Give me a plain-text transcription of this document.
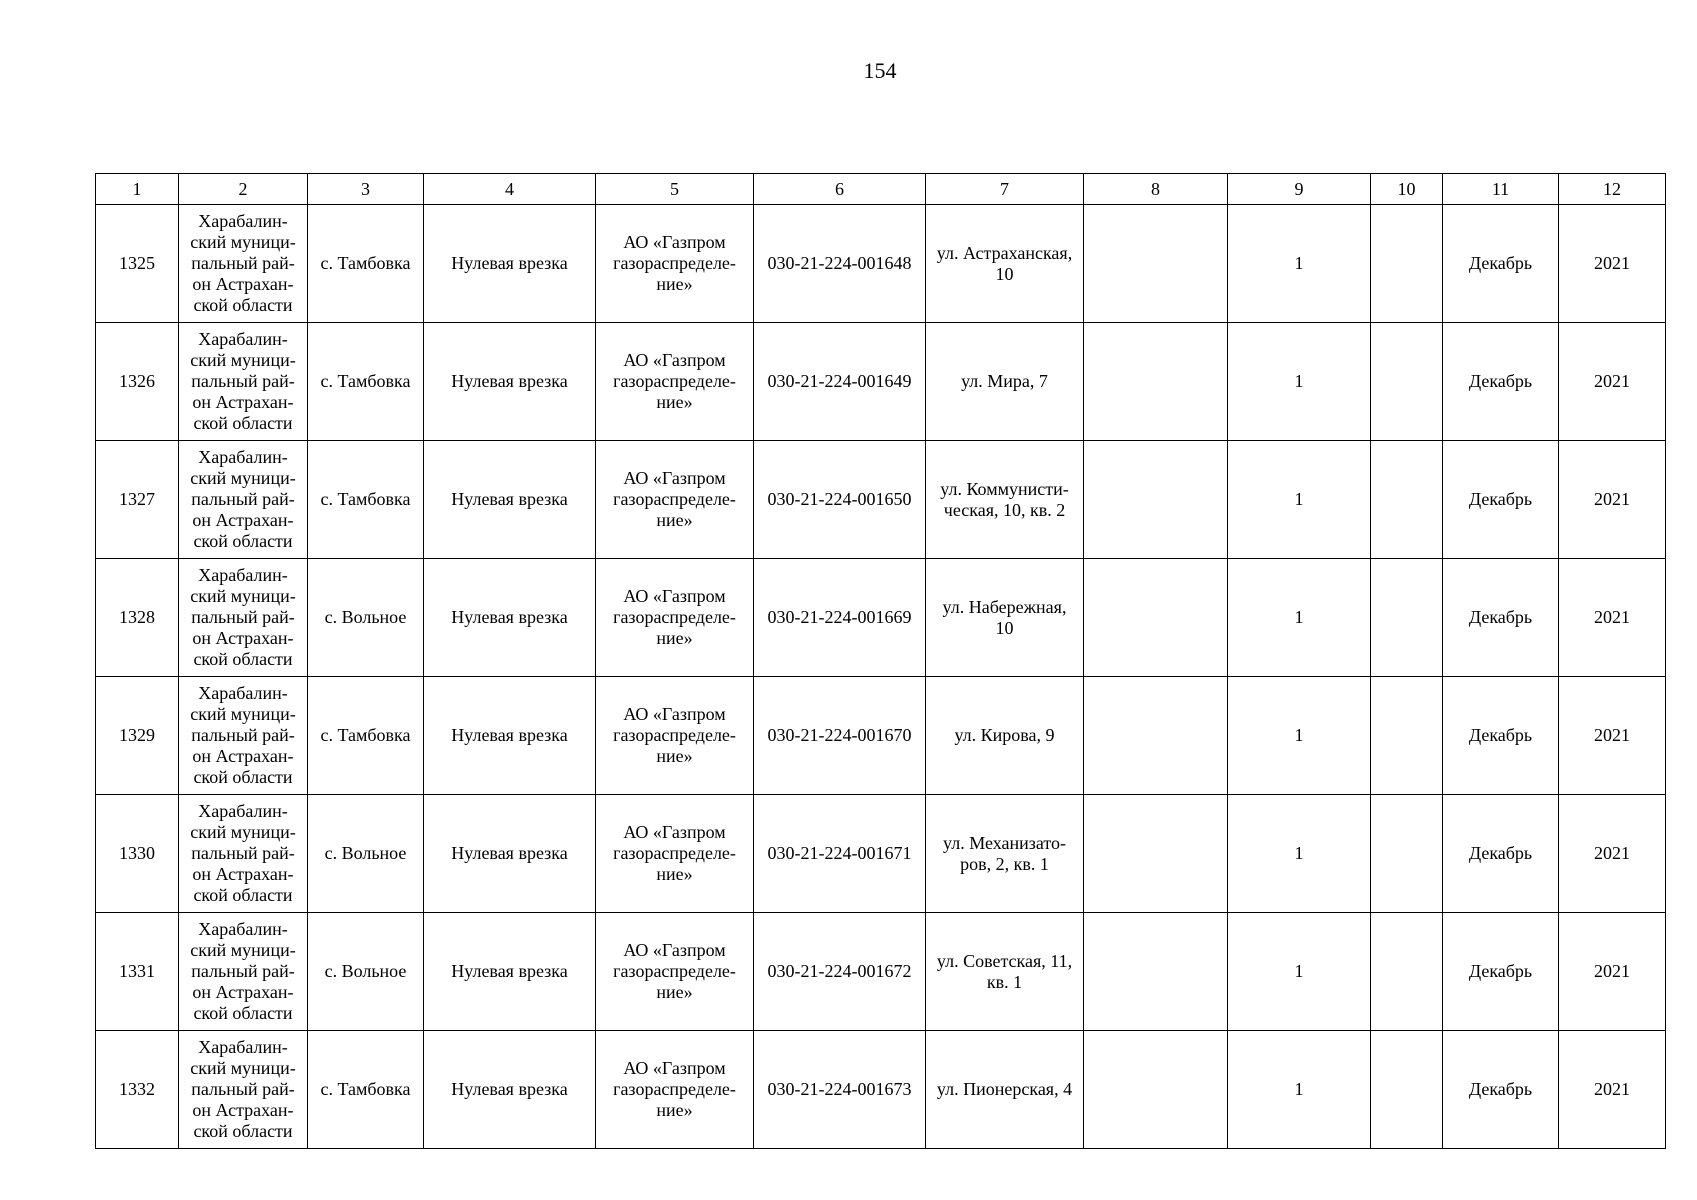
154
1	2	3	4	5	6	7	8	9	10	11	12
1325	Харабалин-
ский муници-
пальный рай-
он Астрахан-
ской области	с. Тамбовка	Нулевая врезка	АО «Газпром
газораспределе-
ние»	030-21-224-001648	ул. Астраханская,
10		1		Декабрь	2021
1326	Харабалин-
ский муници-
пальный рай-
он Астрахан-
ской области	с. Тамбовка	Нулевая врезка	АО «Газпром
газораспределе-
ние»	030-21-224-001649	ул. Мира, 7		1		Декабрь	2021
1327	Харабалин-
ский муници-
пальный рай-
он Астрахан-
ской области	с. Тамбовка	Нулевая врезка	АО «Газпром
газораспределе-
ние»	030-21-224-001650	ул. Коммунисти-
ческая, 10, кв. 2		1		Декабрь	2021
1328	Харабалин-
ский муници-
пальный рай-
он Астрахан-
ской области	с. Вольное	Нулевая врезка	АО «Газпром
газораспределе-
ние»	030-21-224-001669	ул. Набережная,
10		1		Декабрь	2021
1329	Харабалин-
ский муници-
пальный рай-
он Астрахан-
ской области	с. Тамбовка	Нулевая врезка	АО «Газпром
газораспределе-
ние»	030-21-224-001670	ул. Кирова, 9		1		Декабрь	2021
1330	Харабалин-
ский муници-
пальный рай-
он Астрахан-
ской области	с. Вольное	Нулевая врезка	АО «Газпром
газораспределе-
ние»	030-21-224-001671	ул. Механизато-
ров, 2, кв. 1		1		Декабрь	2021
1331	Харабалин-
ский муници-
пальный рай-
он Астрахан-
ской области	с. Вольное	Нулевая врезка	АО «Газпром
газораспределе-
ние»	030-21-224-001672	ул. Советская, 11,
кв. 1		1		Декабрь	2021
1332	Харабалин-
ский муници-
пальный рай-
он Астрахан-
ской области	с. Тамбовка	Нулевая врезка	АО «Газпром
газораспределе-
ние»	030-21-224-001673	ул. Пионерская, 4		1		Декабрь	2021
